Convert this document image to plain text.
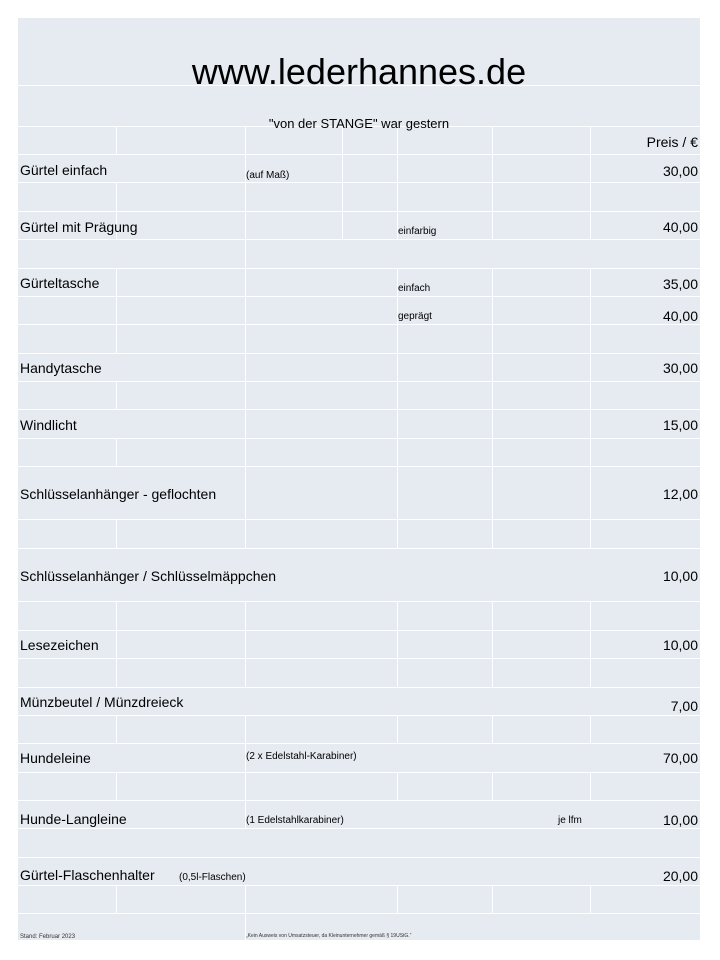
www.lederhannes.de
"von der STANGE" war gestern
Preis / €
Gürtel einfach	(auf Maß)	30,00
Gürtel mit Prägung	einfarbig	40,00
Gürteltasche	einfach	35,00
geprägt	40,00
Handytasche	30,00
Windlicht	15,00
Schlüsselanhänger - geflochten	12,00
Schlüsselanhänger / Schlüsselmäppchen	10,00
Lesezeichen	10,00
Münzbeutel / Münzdreieck	7,00
Hundeleine	(2 x Edelstahl-Karabiner)	70,00
Hunde-Langleine	(1 Edelstahlkarabiner)	je lfm	10,00
Gürtel-Flaschenhalter (0,5l-Flaschen)	20,00
Stand: Februar 2023	„Kein Ausweis von Umsatzsteuer, da Kleinunternehmer gemäß § 19UStG.“
